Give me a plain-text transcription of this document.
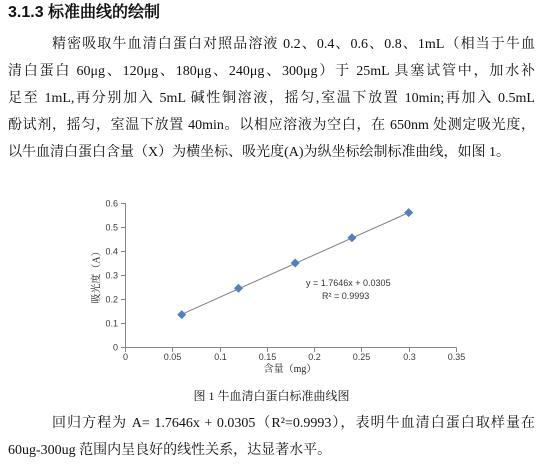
3.1.3 标准曲线的绘制
精密吸取牛血清白蛋白对照品溶液 0.2、0.4、0.6、0.8、1mL（相当于牛血
清白蛋白 60μg、120μg、180μg、240μg、300μg）于 25mL 具塞试管中，加水补
足至 1mL,再分别加入 5mL 碱性铜溶液，摇匀,室温下放置 10min;再加入 0.5mL
酚试剂，摇匀，室温下放置 40min。以相应溶液为空白，在 650nm 处测定吸光度，
以牛血清白蛋白含量（X）为横坐标、吸光度(A)为纵坐标绘制标准曲线，如图 1。
0
0.1
0.2
0.3
0.4
0.5
0.6
0	0.05	0.1	0.15	0.2	0.25	0.3	0.35
含量（mg）
吸光度（A）	y = 1.7646x + 0.0305
R² = 0.9993
图 1 牛血清白蛋白标准曲线图
回归方程为 A= 1.7646x + 0.0305（R²=0.9993），表明牛血清白蛋白取样量在
60ug-300ug 范围内呈良好的线性关系，达显著水平。
